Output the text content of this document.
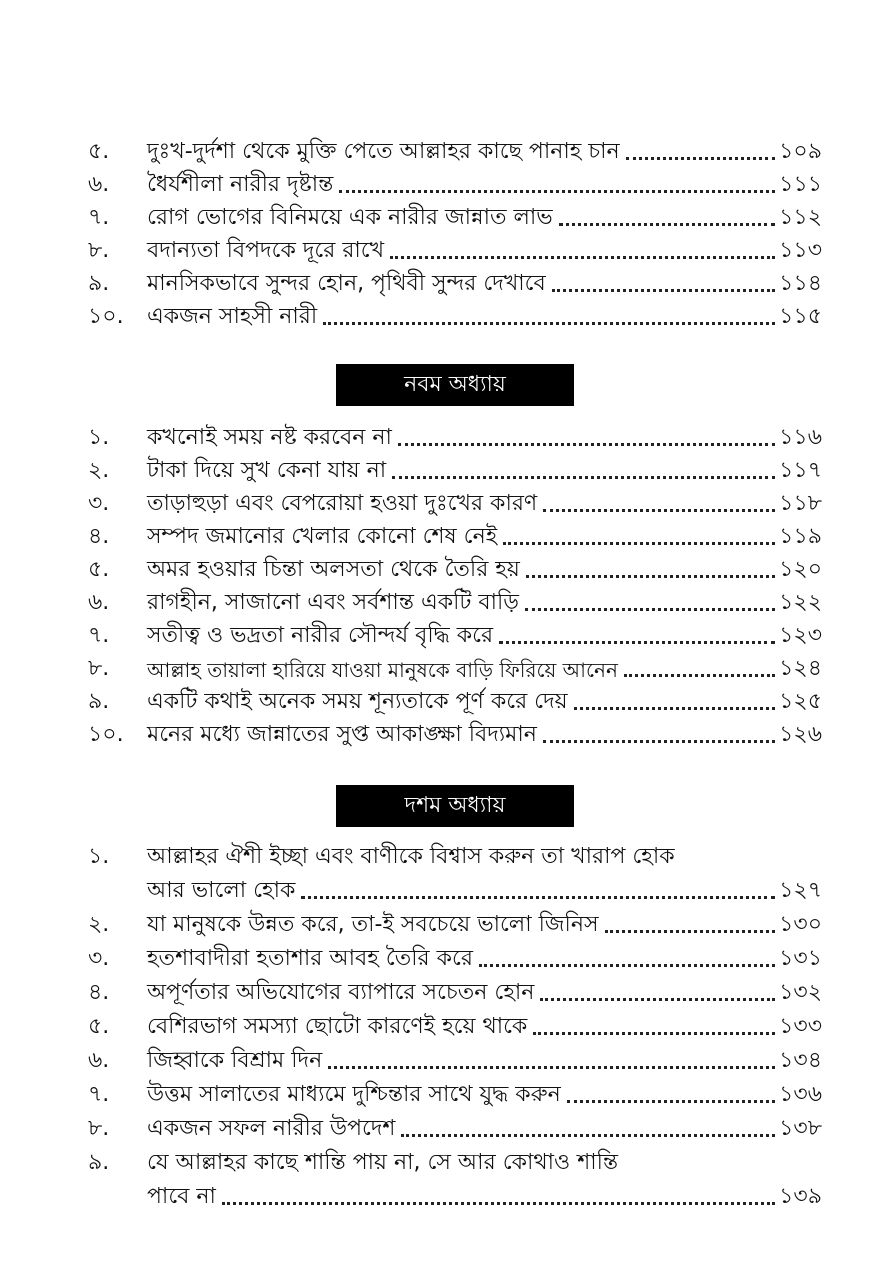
৫. দুঃখ-দুর্দশা থেকে মুক্তি পেতে আল্লাহর কাছে পানাহ চান	১০৯
৬. ধৈর্যশীলা নারীর দৃষ্টান্ত	১১১
৭. রোগ ভোগের বিনিময়ে এক নারীর জান্নাত লাভ	১১২
৮. বদান্যতা বিপদকে দূরে রাখে	১১৩
৯. মানসিকভাবে সুন্দর হোন, পৃথিবী সুন্দর দেখাবে	১১৪
১০. একজন সাহসী নারী	১১৫
নবম অধ্যায়
১. কখনোই সময় নষ্ট করবেন না	১১৬
২. টাকা দিয়ে সুখ কেনা যায় না	১১৭
৩. তাড়াহুড়া এবং বেপরোয়া হওয়া দুঃখের কারণ	১১৮
৪. সম্পদ জমানোর খেলার কোনো শেষ নেই	১১৯
৫. অমর হওয়ার চিন্তা অলসতা থেকে তৈরি হয়	১২০
৬. রাগহীন, সাজানো এবং সর্বশান্ত একটি বাড়ি	১২২
৭. সতীত্ব ও ভদ্রতা নারীর সৌন্দর্য বৃদ্ধি করে	১২৩
৮. আল্লাহ তায়ালা হারিয়ে যাওয়া মানুষকে বাড়ি ফিরিয়ে আনেন	১২৪
৯. একটি কথাই অনেক সময় শূন্যতাকে পূর্ণ করে দেয়	১২৫
১০. মনের মধ্যে জান্নাতের সুপ্ত আকাঙ্ক্ষা বিদ্যমান	১২৬
দশম অধ্যায়
১. আল্লাহর ঐশী ইচ্ছা এবং বাণীকে বিশ্বাস করুন তা খারাপ হোক
আর ভালো হোক	১২৭
২. যা মানুষকে উন্নত করে, তা-ই সবচেয়ে ভালো জিনিস	১৩০
৩. হতশাবাদীরা হতাশার আবহ তৈরি করে	১৩১
৪. অপূর্ণতার অভিযোগের ব্যাপারে সচেতন হোন	১৩২
৫. বেশিরভাগ সমস্যা ছোটো কারণেই হয়ে থাকে	১৩৩
৬. জিহ্বাকে বিশ্রাম দিন	১৩৪
৭. উত্তম সালাতের মাধ্যমে দুশ্চিন্তার সাথে যুদ্ধ করুন	১৩৬
৮. একজন সফল নারীর উপদেশ	১৩৮
৯. যে আল্লাহর কাছে শান্তি পায় না, সে আর কোথাও শান্তি
পাবে না	১৩৯
